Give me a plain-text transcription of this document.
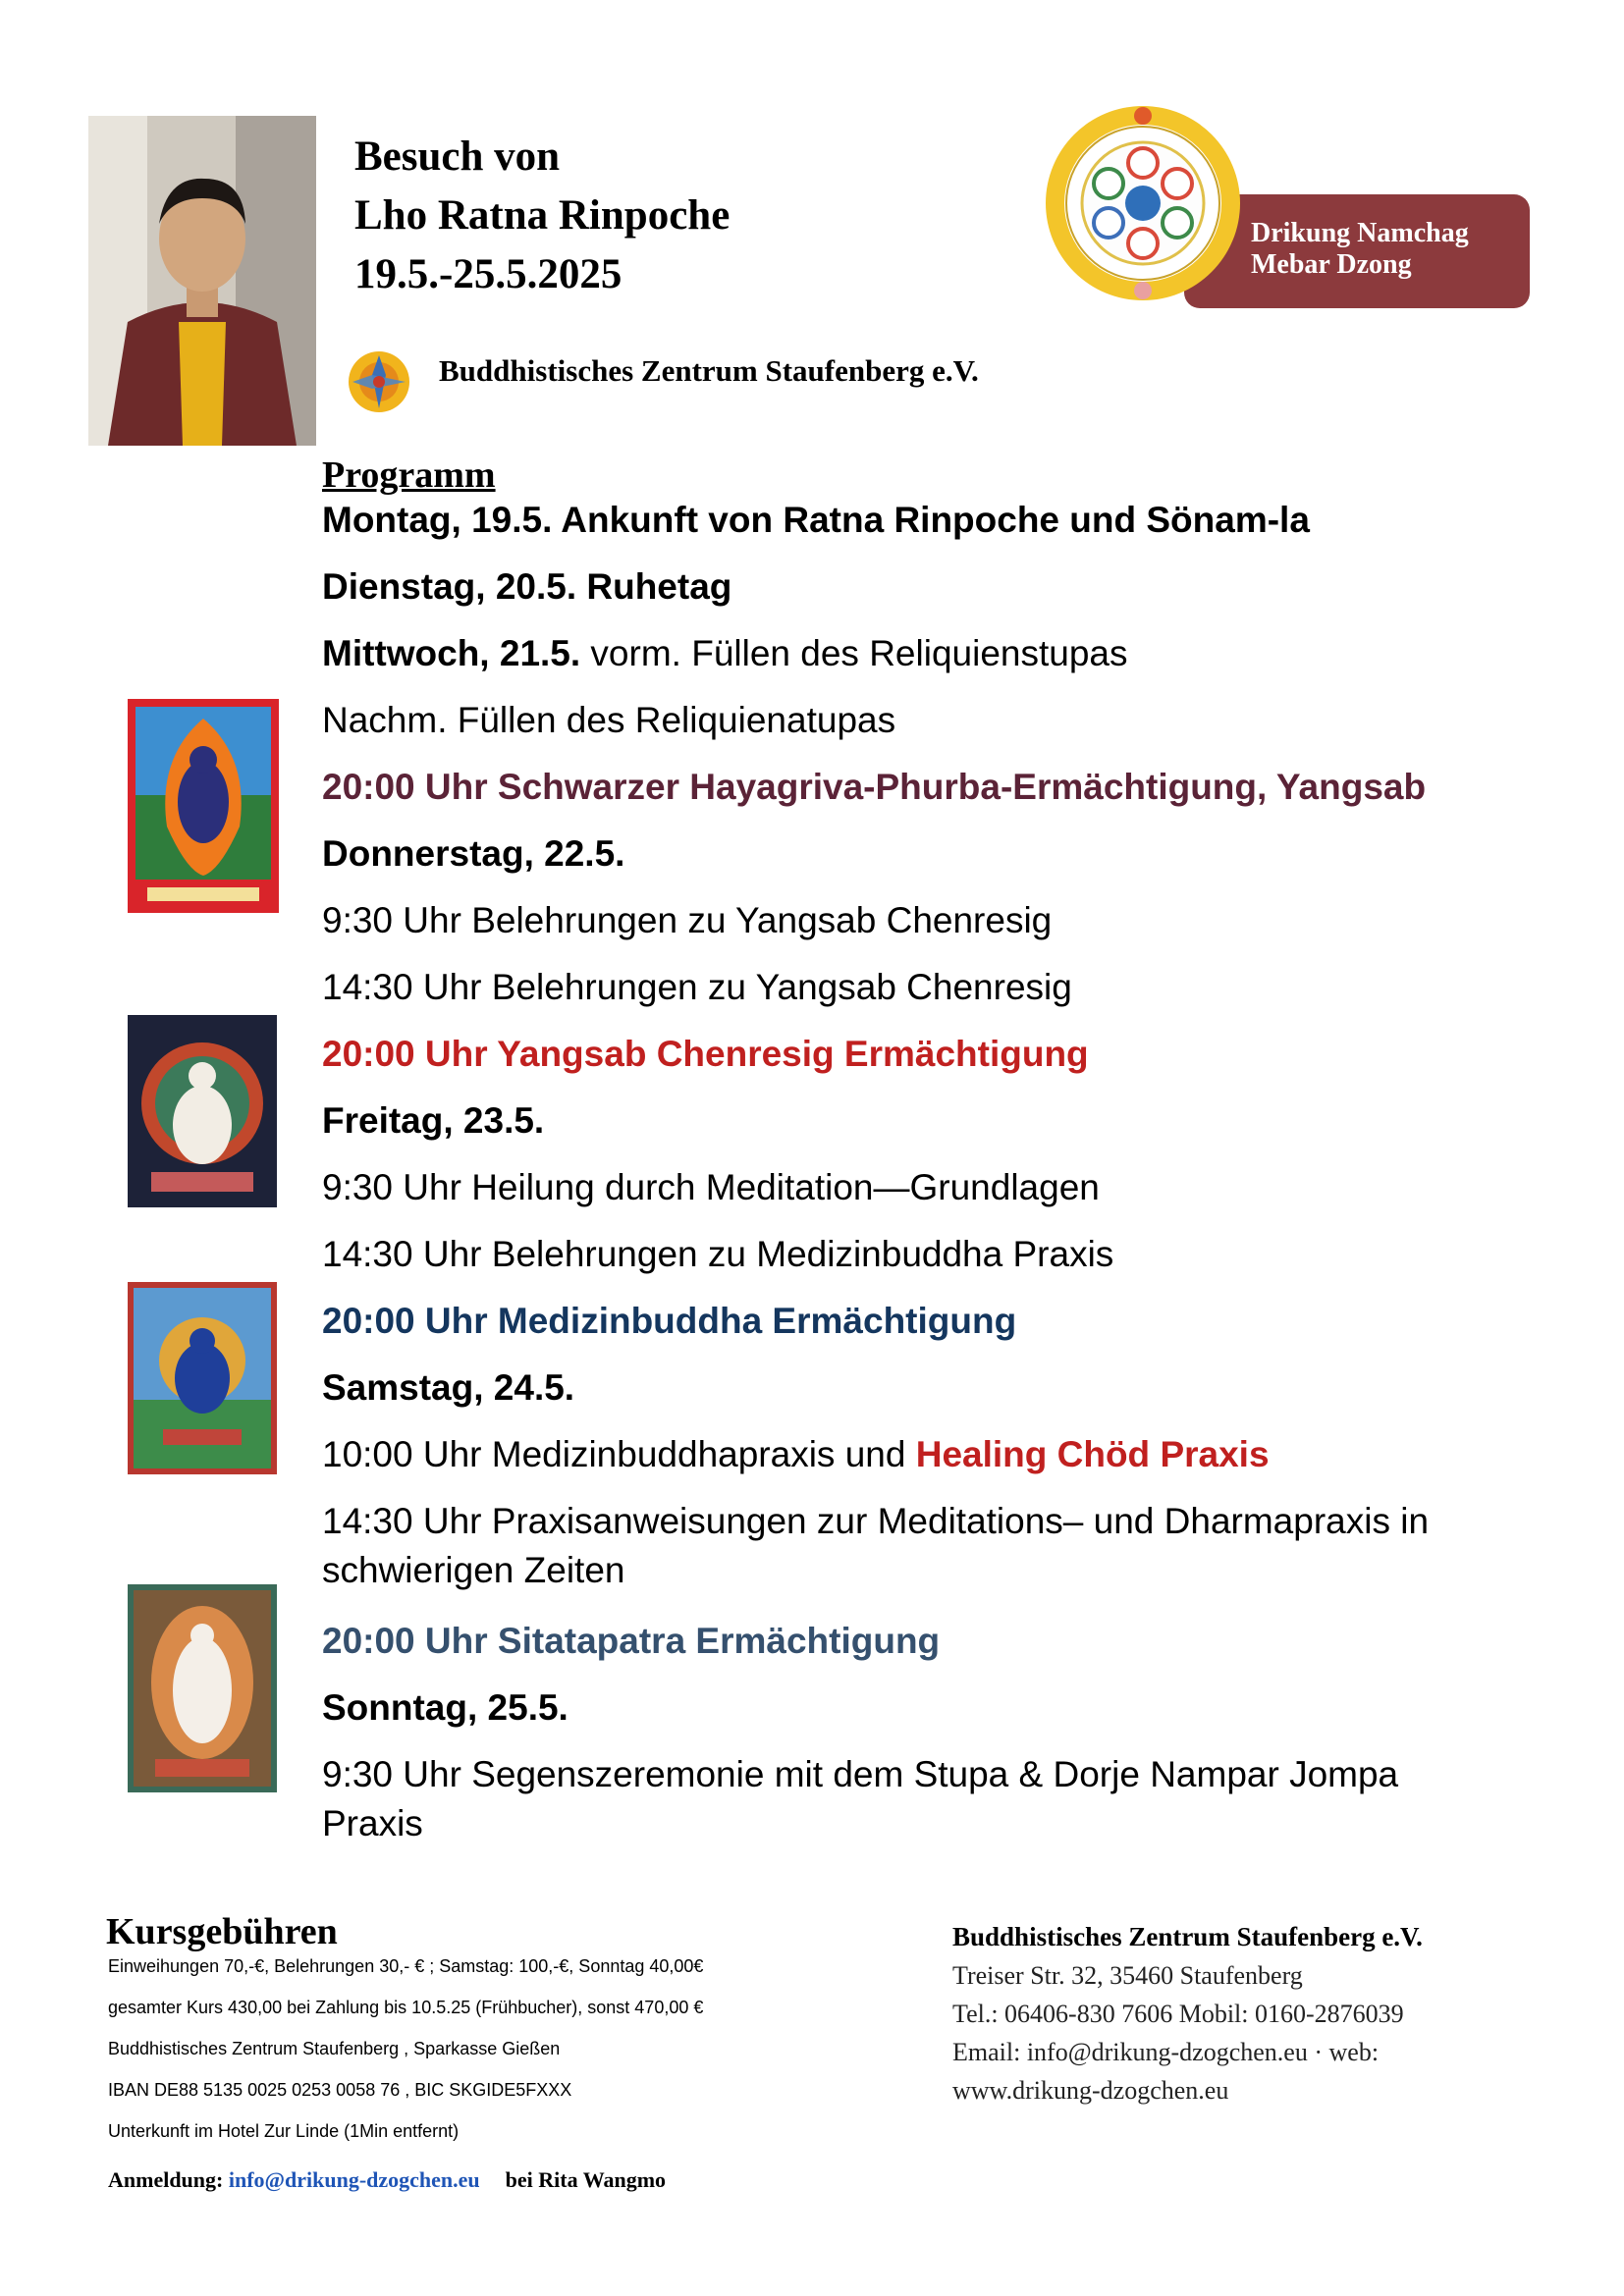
Besuch von
Lho Ratna Rinpoche
19.5.-25.5.2025
Buddhistisches Zentrum Staufenberg e.V.
Drikung Namchag
Mebar Dzong
Programm
Montag, 19.5. Ankunft von Ratna Rinpoche und Sönam-la
Dienstag, 20.5. Ruhetag
Mittwoch, 21.5. vorm. Füllen des Reliquienstupas
Nachm. Füllen des Reliquienatupas
20:00 Uhr Schwarzer Hayagriva-Phurba-Ermächtigung, Yangsab
Donnerstag, 22.5.
9:30 Uhr Belehrungen zu Yangsab Chenresig
14:30 Uhr Belehrungen zu Yangsab Chenresig
20:00 Uhr Yangsab Chenresig Ermächtigung
Freitag, 23.5.
9:30 Uhr Heilung durch Meditation—Grundlagen
14:30 Uhr Belehrungen zu Medizinbuddha Praxis
20:00 Uhr Medizinbuddha Ermächtigung
Samstag, 24.5.
10:00 Uhr Medizinbuddhapraxis und Healing Chöd Praxis
14:30 Uhr Praxisanweisungen zur Meditations– und Dharmapraxis in
schwierigen Zeiten
20:00 Uhr Sitatapatra Ermächtigung
Sonntag, 25.5.
9:30 Uhr Segenszeremonie mit dem Stupa & Dorje Nampar Jompa
Praxis
Kursgebühren
Einweihungen 70,-€, Belehrungen 30,- € ; Samstag: 100,-€, Sonntag 40,00€
gesamter Kurs 430,00 bei Zahlung bis 10.5.25 (Frühbucher), sonst 470,00 €
Buddhistisches Zentrum Staufenberg , Sparkasse Gießen
IBAN DE88 5135 0025 0253 0058 76 , BIC SKGIDE5FXXX
Unterkunft im Hotel Zur Linde (1Min entfernt)
Anmeldung: info@drikung-dzogchen.eu bei Rita Wangmo
Buddhistisches Zentrum Staufenberg e.V.
Treiser Str. 32, 35460 Staufenberg
Tel.: 06406-830 7606 Mobil: 0160-2876039
Email: info@drikung-dzogchen.eu · web:
www.drikung-dzogchen.eu
